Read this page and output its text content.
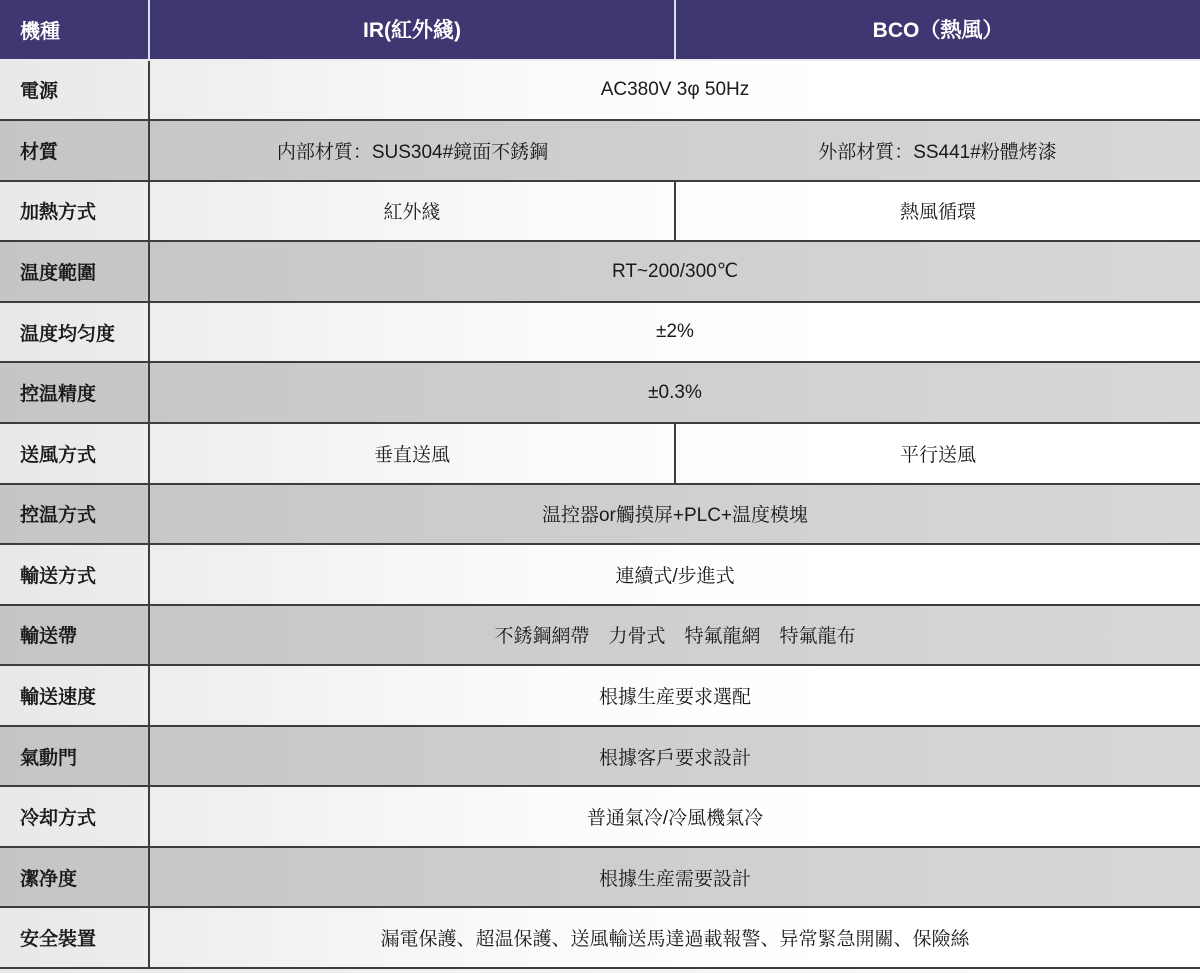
機種	IR(紅外綫)	BCO（熱風）
電源	AC380V 3φ 50Hz
材質	内部材質：SUS304#鏡面不銹鋼	外部材質：SS441#粉體烤漆
加熱方式	紅外綫	熱風循環
温度範圍	RT~200/300℃
温度均匀度	±2%
控温精度	±0.3%
送風方式	垂直送風	平行送風
控温方式	温控器or觸摸屏+PLC+温度模塊
輸送方式	連續式/步進式
輸送帶	不銹鋼網帶　力骨式　特氟龍網　特氟龍布
輸送速度	根據生産要求選配
氣動門	根據客戶要求設計
冷却方式	普通氣冷/冷風機氣冷
潔净度	根據生産需要設計
安全裝置	漏電保護、超温保護、送風輸送馬達過載報警、异常緊急開關、保險絲
